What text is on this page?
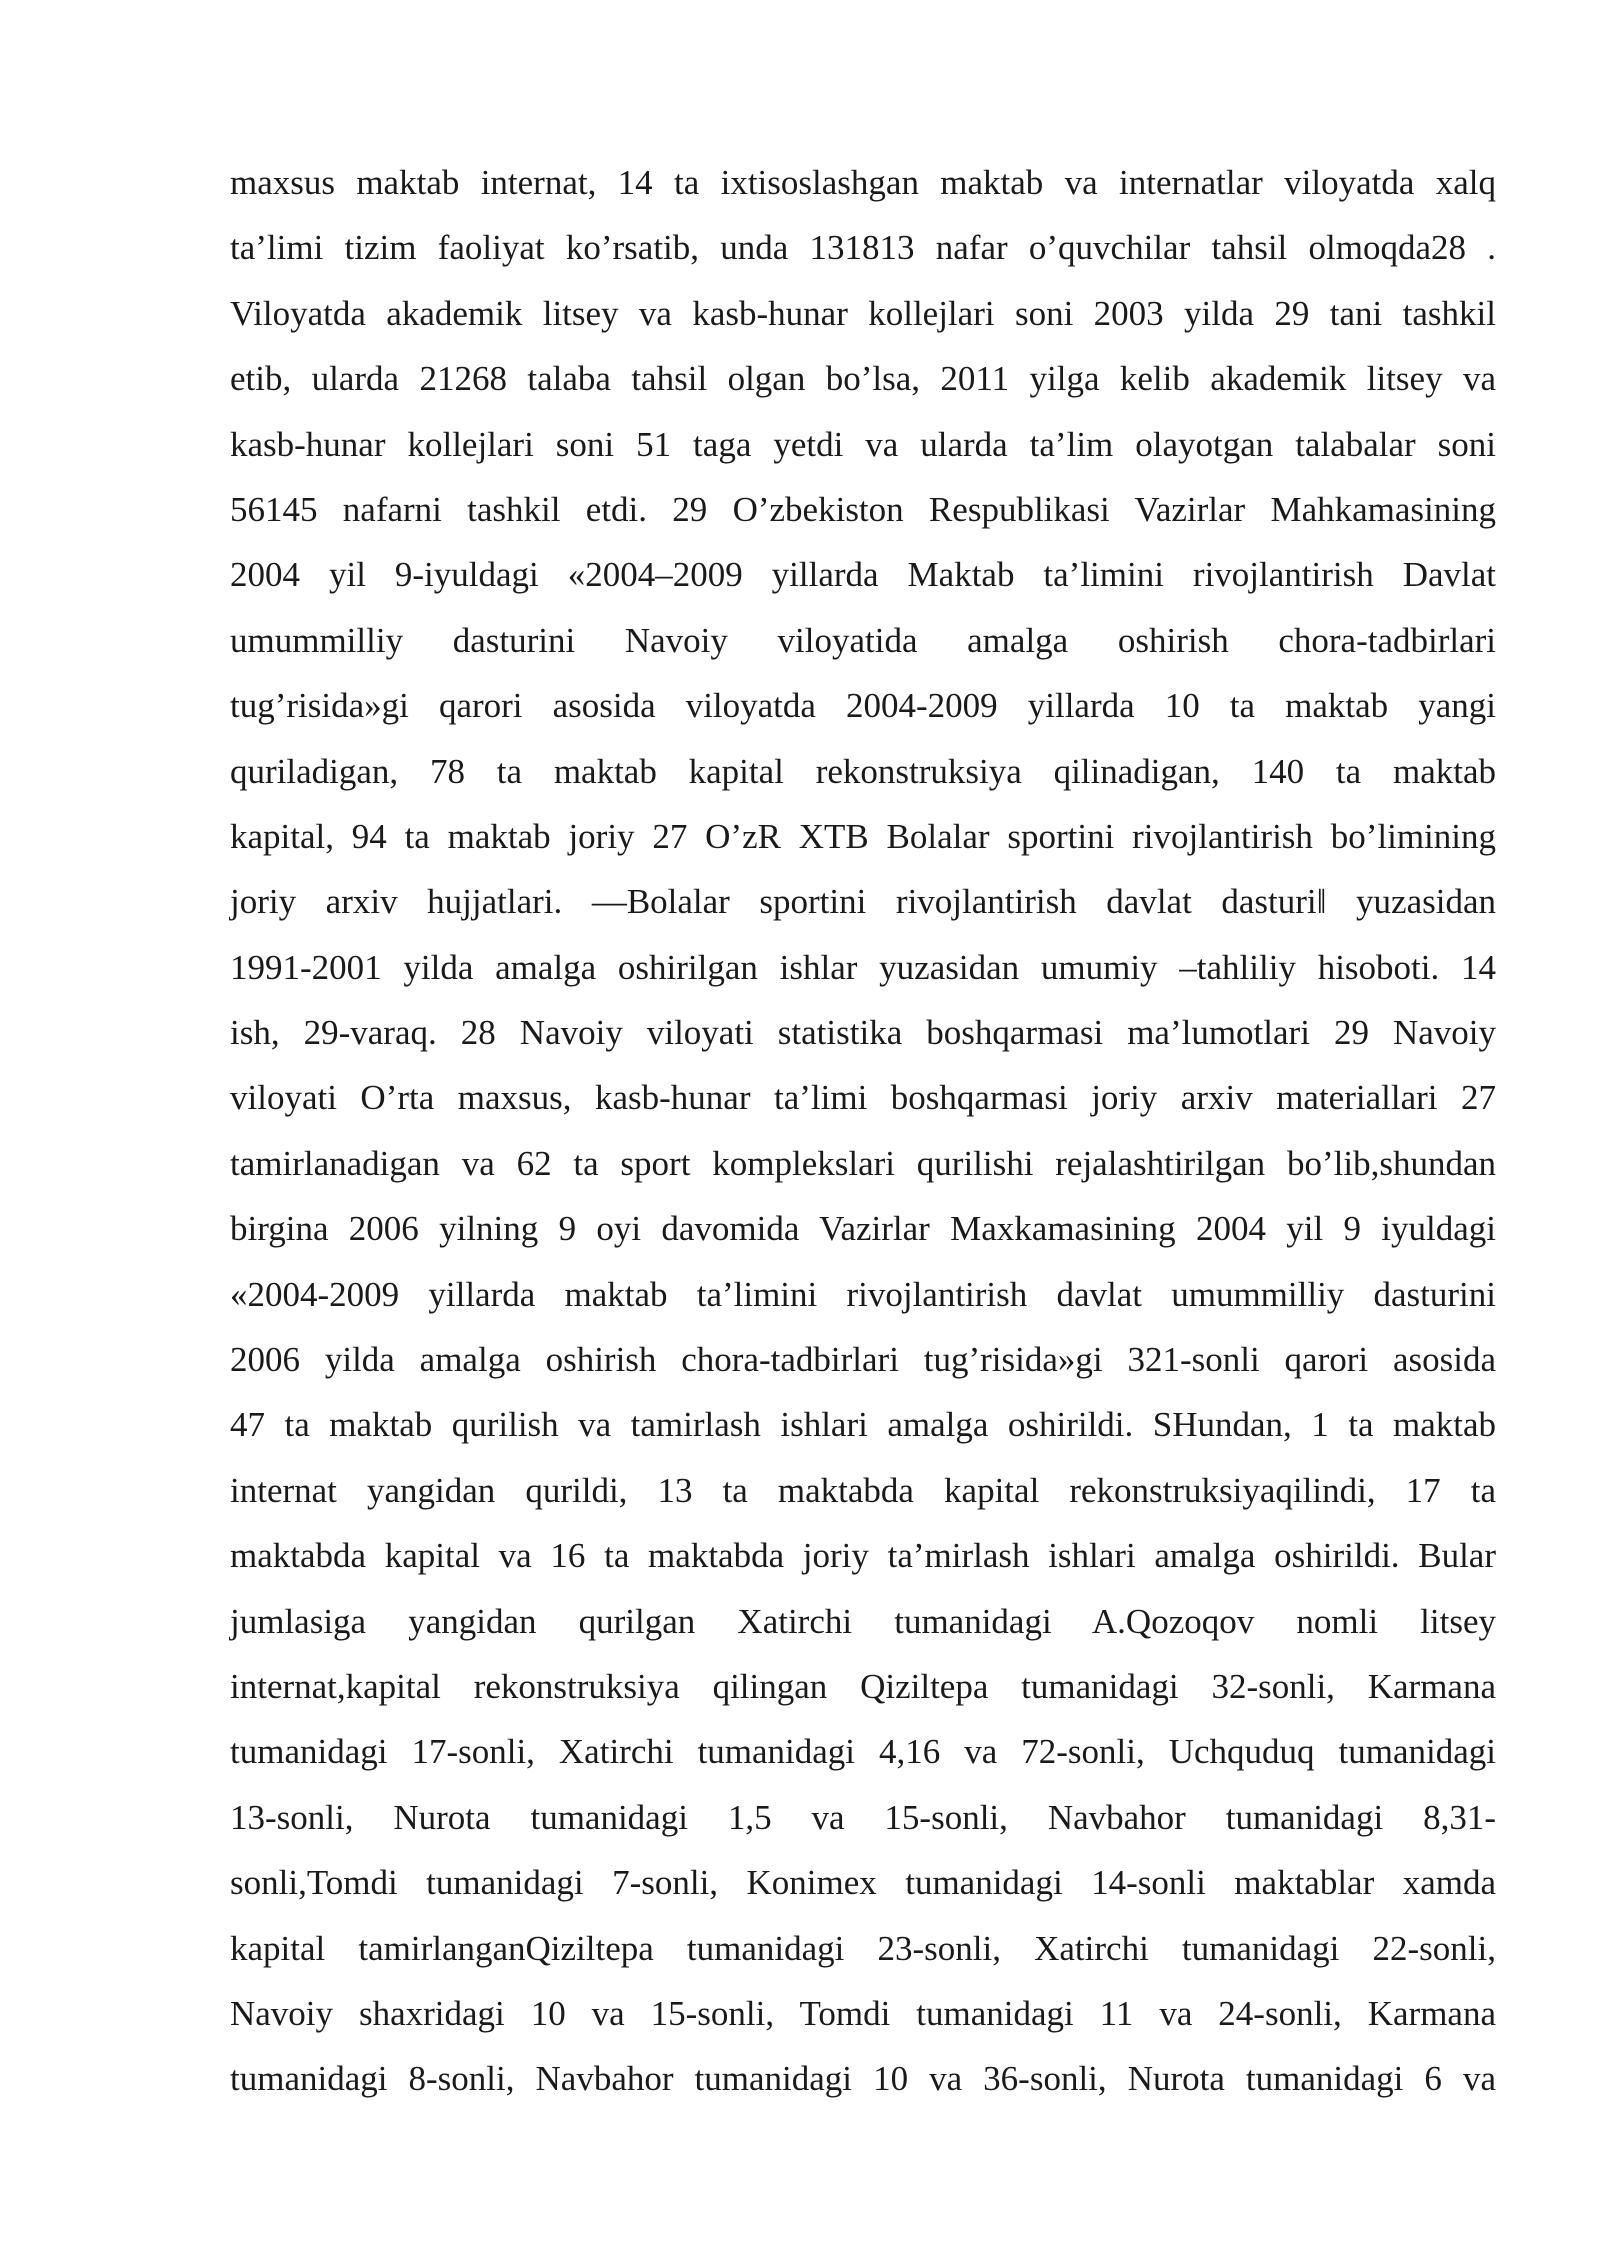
maxsus maktab internat, 14 ta ixtisoslashgan maktab va internatlar viloyatda xalq
ta’limi tizim faoliyat ko’rsatib, unda 131813 nafar o’quvchilar tahsil olmoqda28 .
Viloyatda akademik litsey va kasb-hunar kollejlari soni 2003 yilda 29 tani tashkil
etib, ularda 21268 talaba tahsil olgan bo’lsa, 2011 yilga kelib akademik litsey va
kasb-hunar kollejlari soni 51 taga yetdi va ularda ta’lim olayotgan talabalar soni
56145 nafarni tashkil etdi. 29 O’zbekiston Respublikasi Vazirlar Mahkamasining
2004 yil 9-iyuldagi «2004–2009 yillarda Maktab ta’limini rivojlantirish Davlat
umummilliy dasturini Navoiy viloyatida amalga oshirish chora-tadbirlari
tug’risida»gi qarori asosida viloyatda 2004-2009 yillarda 10 ta maktab yangi
quriladigan, 78 ta maktab kapital rekonstruksiya qilinadigan, 140 ta maktab
kapital, 94 ta maktab joriy 27 O’zR XTB Bolalar sportini rivojlantirish bo’limining
joriy arxiv hujjatlari. ―Bolalar sportini rivojlantirish davlat dasturi‖ yuzasidan
1991-2001 yilda amalga oshirilgan ishlar yuzasidan umumiy –tahliliy hisoboti. 14
ish, 29-varaq. 28 Navoiy viloyati statistika boshqarmasi ma’lumotlari 29 Navoiy
viloyati O’rta maxsus, kasb-hunar ta’limi boshqarmasi joriy arxiv materiallari 27
tamirlanadigan va 62 ta sport komplekslari qurilishi rejalashtirilgan bo’lib,shundan
birgina 2006 yilning 9 oyi davomida Vazirlar Maxkamasining 2004 yil 9 iyuldagi
«2004-2009 yillarda maktab ta’limini rivojlantirish davlat umummilliy dasturini
2006 yilda amalga oshirish chora-tadbirlari tug’risida»gi 321-sonli qarori asosida
47 ta maktab qurilish va tamirlash ishlari amalga oshirildi. SHundan, 1 ta maktab
internat yangidan qurildi, 13 ta maktabda kapital rekonstruksiyaqilindi, 17 ta
maktabda kapital va 16 ta maktabda joriy ta’mirlash ishlari amalga oshirildi. Bular
jumlasiga yangidan qurilgan Xatirchi tumanidagi A.Qozoqov nomli litsey
internat,kapital rekonstruksiya qilingan Qiziltepa tumanidagi 32-sonli, Karmana
tumanidagi 17-sonli, Xatirchi tumanidagi 4,16 va 72-sonli, Uchquduq tumanidagi
13-sonli, Nurota tumanidagi 1,5 va 15-sonli, Navbahor tumanidagi 8,31-
sonli,Tomdi tumanidagi 7-sonli, Konimex tumanidagi 14-sonli maktablar xamda
kapital tamirlanganQiziltepa tumanidagi 23-sonli, Xatirchi tumanidagi 22-sonli,
Navoiy shaxridagi 10 va 15-sonli, Tomdi tumanidagi 11 va 24-sonli, Karmana
tumanidagi 8-sonli, Navbahor tumanidagi 10 va 36-sonli, Nurota tumanidagi 6 va
